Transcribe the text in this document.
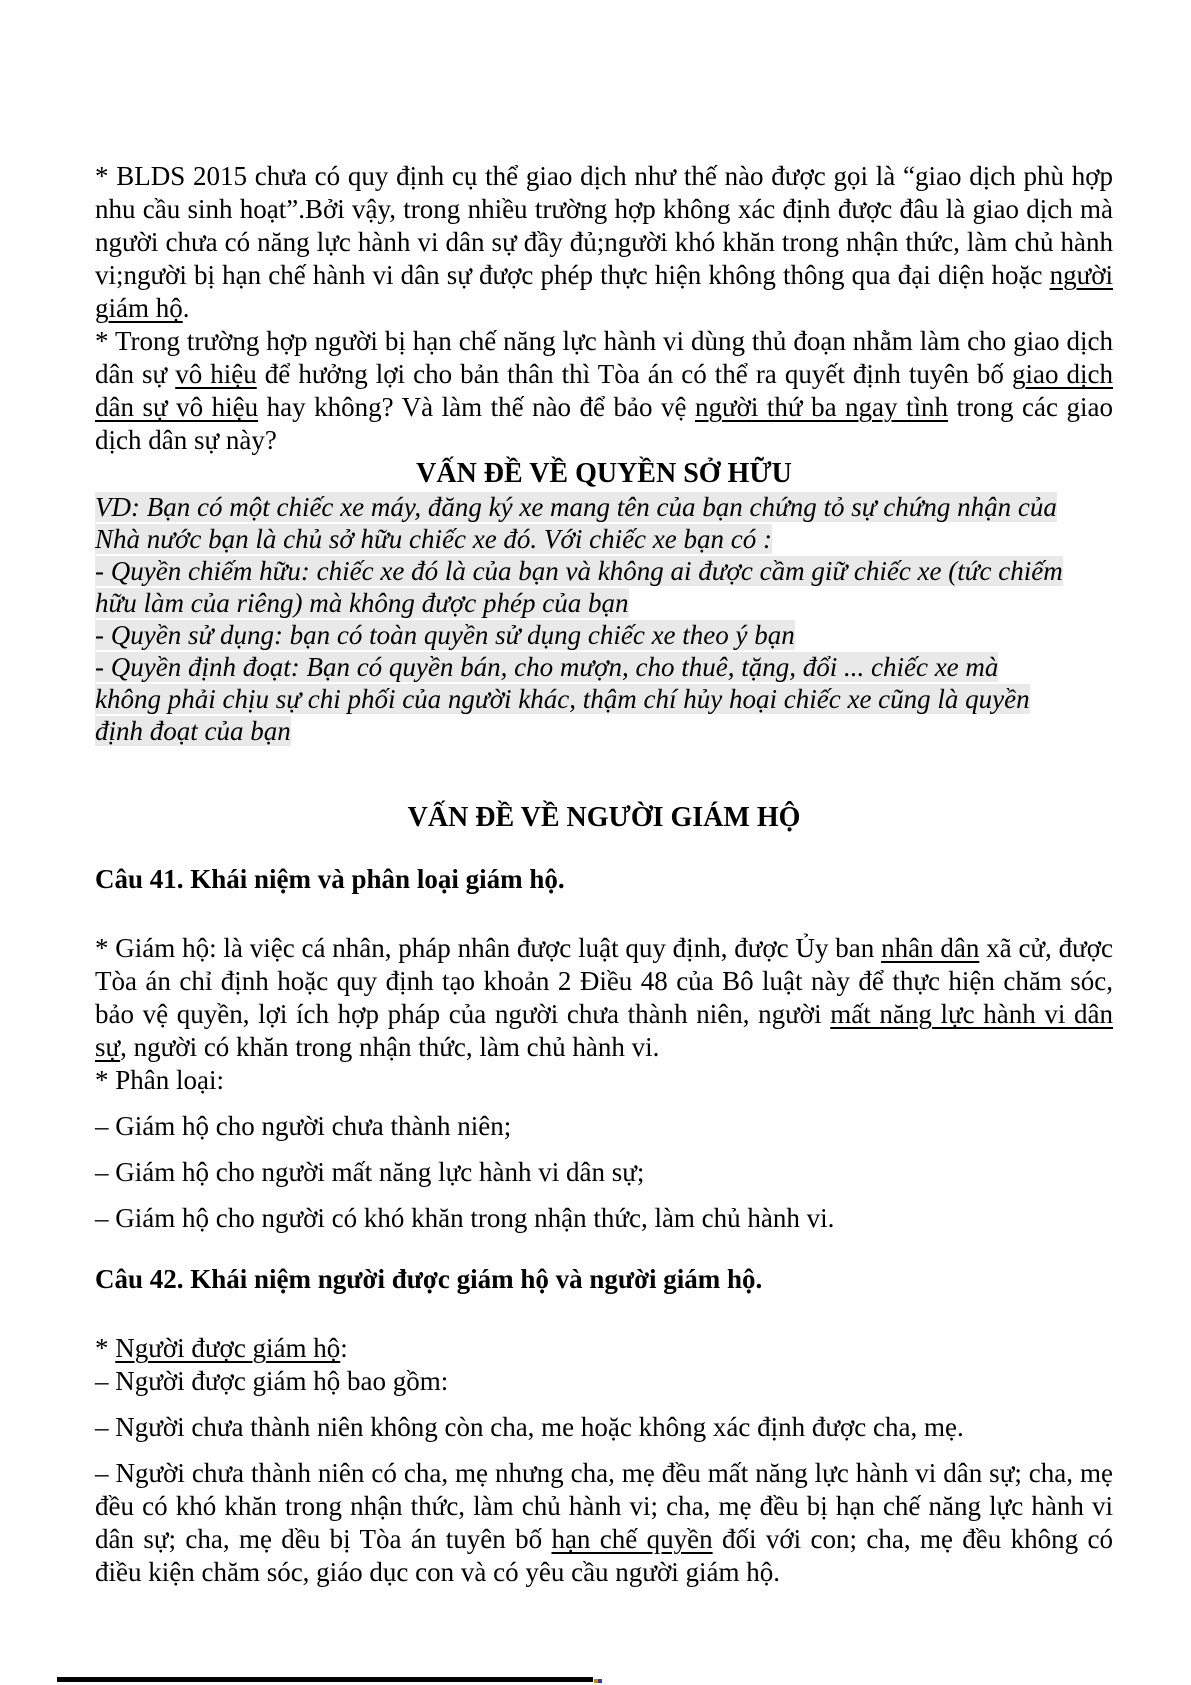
* BLDS 2015 chưa có quy định cụ thể giao dịch như thế nào được gọi là “giao dịch phù hợp nhu cầu sinh hoạt”.Bởi vậy, trong nhiều trường hợp không xác định được đâu là giao dịch mà người chưa có năng lực hành vi dân sự đầy đủ;người khó khăn trong nhận thức, làm chủ hành vi;người bị hạn chế hành vi dân sự được phép thực hiện không thông qua đại diện hoặc người giám hộ.
* Trong trường hợp người bị hạn chế năng lực hành vi dùng thủ đoạn nhằm làm cho giao dịch dân sự vô hiệu để hưởng lợi cho bản thân thì Tòa án có thể ra quyết định tuyên bố giao dịch dân sự vô hiệu hay không? Và làm thế nào để bảo vệ người thứ ba ngay tình trong các giao dịch dân sự này?
VẤN ĐỀ VỀ QUYỀN SỞ HỮU
VD: Bạn có một chiếc xe máy, đăng ký xe mang tên của bạn chứng tỏ sự chứng nhận của
Nhà nước bạn là chủ sở hữu chiếc xe đó. Với chiếc xe bạn có :
- Quyền chiếm hữu: chiếc xe đó là của bạn và không ai được cầm giữ chiếc xe (tức chiếm
hữu làm của riêng) mà không được phép của bạn
- Quyền sử dụng: bạn có toàn quyền sử dụng chiếc xe theo ý bạn
- Quyền định đoạt: Bạn có quyền bán, cho mượn, cho thuê, tặng, đổi ... chiếc xe mà
không phải chịu sự chi phối của người khác, thậm chí hủy hoại chiếc xe cũng là quyền
định đoạt của bạn
VẤN ĐỀ VỀ NGƯỜI GIÁM HỘ
Câu 41. Khái niệm và phân loại giám hộ.
* Giám hộ: là việc cá nhân, pháp nhân được luật quy định, được Ủy ban nhân dân xã cử, được Tòa án chỉ định hoặc quy định tạo khoản 2 Điều 48 của Bô luật này để thực hiện chăm sóc, bảo vệ quyền, lợi ích hợp pháp của người chưa thành niên, người mất năng lực hành vi dân sự, người có khăn trong nhận thức, làm chủ hành vi.
* Phân loại:
– Giám hộ cho người chưa thành niên;
– Giám hộ cho người mất năng lực hành vi dân sự;
– Giám hộ cho người có khó khăn trong nhận thức, làm chủ hành vi.
Câu 42. Khái niệm người được giám hộ và người giám hộ.
* Người được giám hộ:
– Người được giám hộ bao gồm:
– Người chưa thành niên không còn cha, me hoặc không xác định được cha, mẹ.
– Người chưa thành niên có cha, mẹ nhưng cha, mẹ đều mất năng lực hành vi dân sự; cha, mẹ đều có khó khăn trong nhận thức, làm chủ hành vi; cha, mẹ đều bị hạn chế năng lực hành vi dân sự; cha, mẹ dều bị Tòa án tuyên bố hạn chế quyền đối với con; cha, mẹ đều không có điều kiện chăm sóc, giáo dục con và có yêu cầu người giám hộ.
